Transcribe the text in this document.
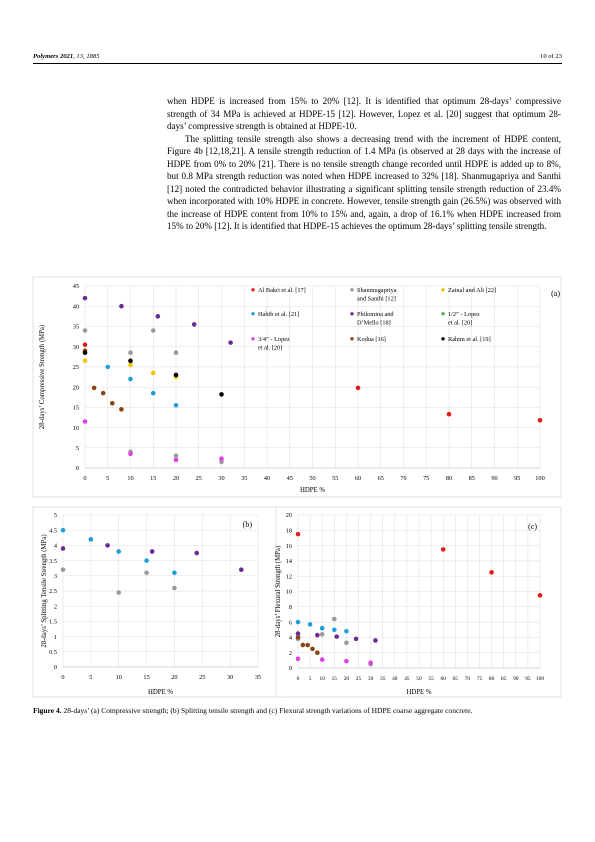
Polymers 2021, 13, 1885	10 of 23

when HDPE is increased from 15% to 20% [12]. It is identified that optimum 28-days’ compressive strength of 34 MPa is achieved at HDPE-15 [12]. However, Lopez et al. [20] suggest that optimum 28-days’ compressive strength is obtained at HDPE-10.

The splitting tensile strength also shows a decreasing trend with the increment of HDPE content, Figure 4b [12,18,21]. A tensile strength reduction of 1.4 MPa (is observed at 28 days with the increase of HDPE from 0% to 20% [21]. There is no tensile strength change recorded until HDPE is added up to 8%, but 0.8 MPa strength reduction was noted when HDPE increased to 32% [18]. Shanmugapriya and Santhi [12] noted the contradicted behavior illustrating a significant splitting tensile strength reduction of 23.4% when incorporated with 10% HDPE in concrete. However, tensile strength gain (26.5%) was observed with the increase of HDPE content from 10% to 15% and, again, a drop of 16.1% when HDPE increased from 15% to 20% [12]. It is identified that HDPE-15 achieves the optimum 28-days’ splitting tensile strength.

0
5
10
15
20
25
30
35
40
45
0	5	10	15	20	25	30	35	40	45	50	55	60	65	70	75	80	85	90	95 100
HDPE %
28-days’ Compressive Strength (MPa)
(a)
Al Bakri et al. [17]	Shanmugapriya and Santhi [12]
Zainal and Ali [22]
Habib et al. [21]	Philomina and D’Mello [18]
1/2” - Lopez et al. [20]
3/4” - Lopez et al. [20]
Kodua [16]	Rahim et al. [19]
0
0.5
1
1.5
2
2.5
3
3.5
4
4.5
5
0	5	10	15	20	25	30	35
HDPE %
28-days’ Splitting Tensile Strength (MPa)
(b)
0
2
4
6
8
10
12
14
16
18
20
0 5 10 15 20 25 30 35 40 45 50 55 60 65 70 75 80 85 90 95 100
HDPE %
28-days’ Flexural Strength (MPa)
(c)
Figure 4. 28-days’ (a) Compressive strength; (b) Splitting tensile strength and (c) Flexural strength variations of HDPE coarse aggregate concrete.
